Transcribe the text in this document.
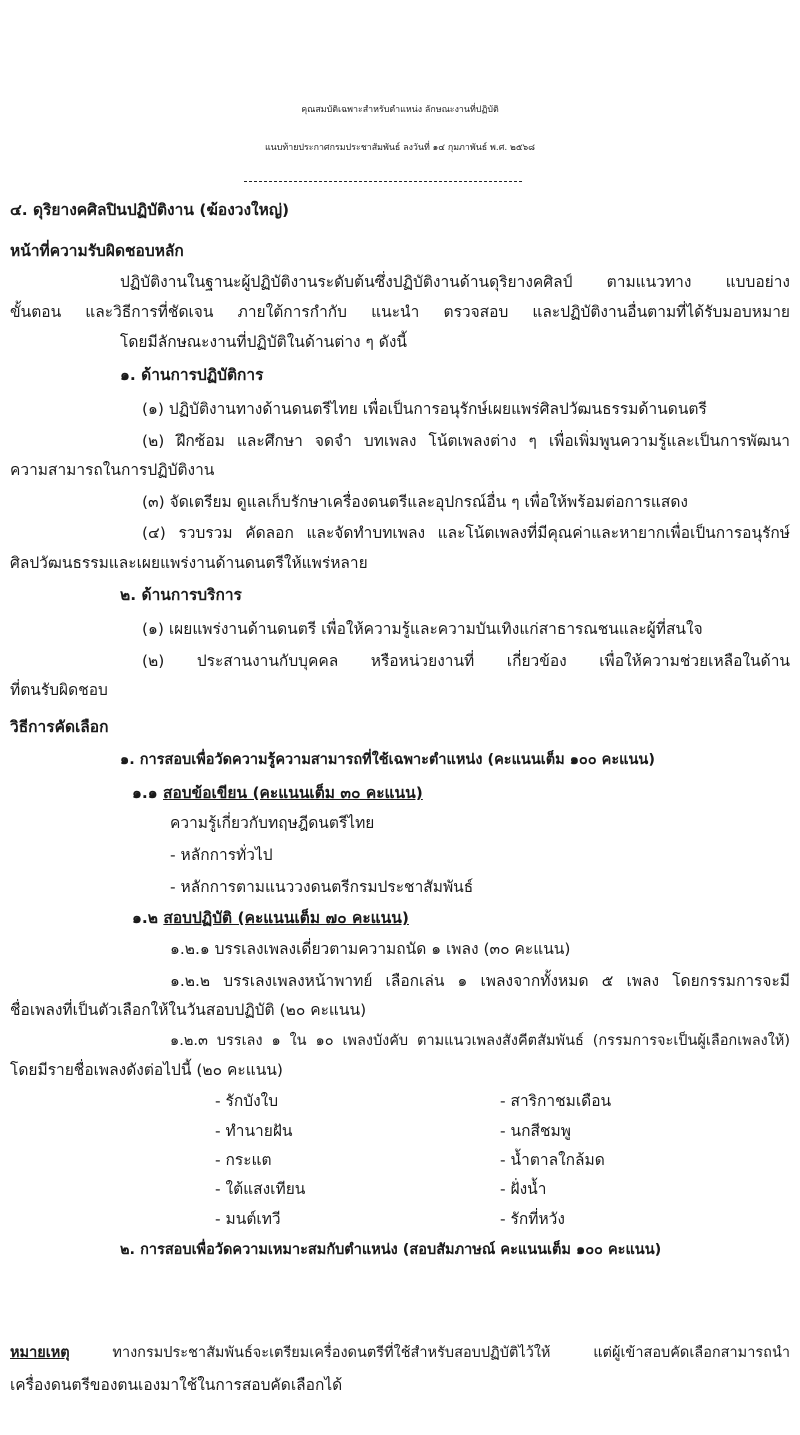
คุณสมบัติเฉพาะสำหรับตำแหน่ง ลักษณะงานที่ปฏิบัติ
แนบท้ายประกาศกรมประชาสัมพันธ์ ลงวันที่ ๑๔ กุมภาพันธ์ พ.ศ. ๒๕๖๘
๔. ดุริยางคศิลปินปฏิบัติงาน (ฆ้องวงใหญ่)
หน้าที่ความรับผิดชอบหลัก
ปฏิบัติงานในฐานะผู้ปฏิบัติงานระดับต้นซึ่งปฏิบัติงานด้านดุริยางคศิลป์ ตามแนวทาง แบบอย่าง
ขั้นตอน และวิธีการที่ชัดเจน ภายใต้การกำกับ แนะนำ ตรวจสอบ และปฏิบัติงานอื่นตามที่ได้รับมอบหมาย
โดยมีลักษณะงานที่ปฏิบัติในด้านต่าง ๆ ดังนี้
๑. ด้านการปฏิบัติการ
(๑) ปฏิบัติงานทางด้านดนตรีไทย เพื่อเป็นการอนุรักษ์เผยแพร่ศิลปวัฒนธรรมด้านดนตรี
(๒) ฝึกซ้อม และศึกษา จดจำ บทเพลง โน้ตเพลงต่าง ๆ เพื่อเพิ่มพูนความรู้และเป็นการพัฒนา
ความสามารถในการปฏิบัติงาน
(๓) จัดเตรียม ดูแลเก็บรักษาเครื่องดนตรีและอุปกรณ์อื่น ๆ เพื่อให้พร้อมต่อการแสดง
(๔) รวบรวม คัดลอก และจัดทำบทเพลง และโน้ตเพลงที่มีคุณค่าและหายากเพื่อเป็นการอนุรักษ์
ศิลปวัฒนธรรมและเผยแพร่งานด้านดนตรีให้แพร่หลาย
๒. ด้านการบริการ
(๑) เผยแพร่งานด้านดนตรี เพื่อให้ความรู้และความบันเทิงแก่สาธารณชนและผู้ที่สนใจ
(๒) ประสานงานกับบุคคล หรือหน่วยงานที่ เกี่ยวข้อง เพื่อให้ความช่วยเหลือในด้าน
ที่ตนรับผิดชอบ
วิธีการคัดเลือก
๑. การสอบเพื่อวัดความรู้ความสามารถที่ใช้เฉพาะตำแหน่ง (คะแนนเต็ม ๑๐๐ คะแนน)
๑.๑ สอบข้อเขียน (คะแนนเต็ม ๓๐ คะแนน)
ความรู้เกี่ยวกับทฤษฎีดนตรีไทย
- หลักการทั่วไป
- หลักการตามแนววงดนตรีกรมประชาสัมพันธ์
๑.๒ สอบปฏิบัติ (คะแนนเต็ม ๗๐ คะแนน)
๑.๒.๑ บรรเลงเพลงเดี่ยวตามความถนัด ๑ เพลง (๓๐ คะแนน)
๑.๒.๒ บรรเลงเพลงหน้าพาทย์ เลือกเล่น ๑ เพลงจากทั้งหมด ๕ เพลง โดยกรรมการจะมี
ชื่อเพลงที่เป็นตัวเลือกให้ในวันสอบปฏิบัติ (๒๐ คะแนน)
๑.๒.๓ บรรเลง ๑ ใน ๑๐ เพลงบังคับ ตามแนวเพลงสังคีตสัมพันธ์ (กรรมการจะเป็นผู้เลือกเพลงให้)
โดยมีรายชื่อเพลงดังต่อไปนี้ (๒๐ คะแนน)
- รักบังใบ
- ทำนายฝัน
- กระแต
- ใต้แสงเทียน
- มนต์เทวี
- สาริกาชมเดือน
- นกสีชมพู
- น้ำตาลใกล้มด
- ฝั่งน้ำ
- รักที่หวัง
๒. การสอบเพื่อวัดความเหมาะสมกับตำแหน่ง (สอบสัมภาษณ์ คะแนนเต็ม ๑๐๐ คะแนน)
หมายเหตุ	ทางกรมประชาสัมพันธ์จะเตรียมเครื่องดนตรีที่ใช้สำหรับสอบปฏิบัติไว้ให้ แต่ผู้เข้าสอบคัดเลือกสามารถนำ
เครื่องดนตรีของตนเองมาใช้ในการสอบคัดเลือกได้
